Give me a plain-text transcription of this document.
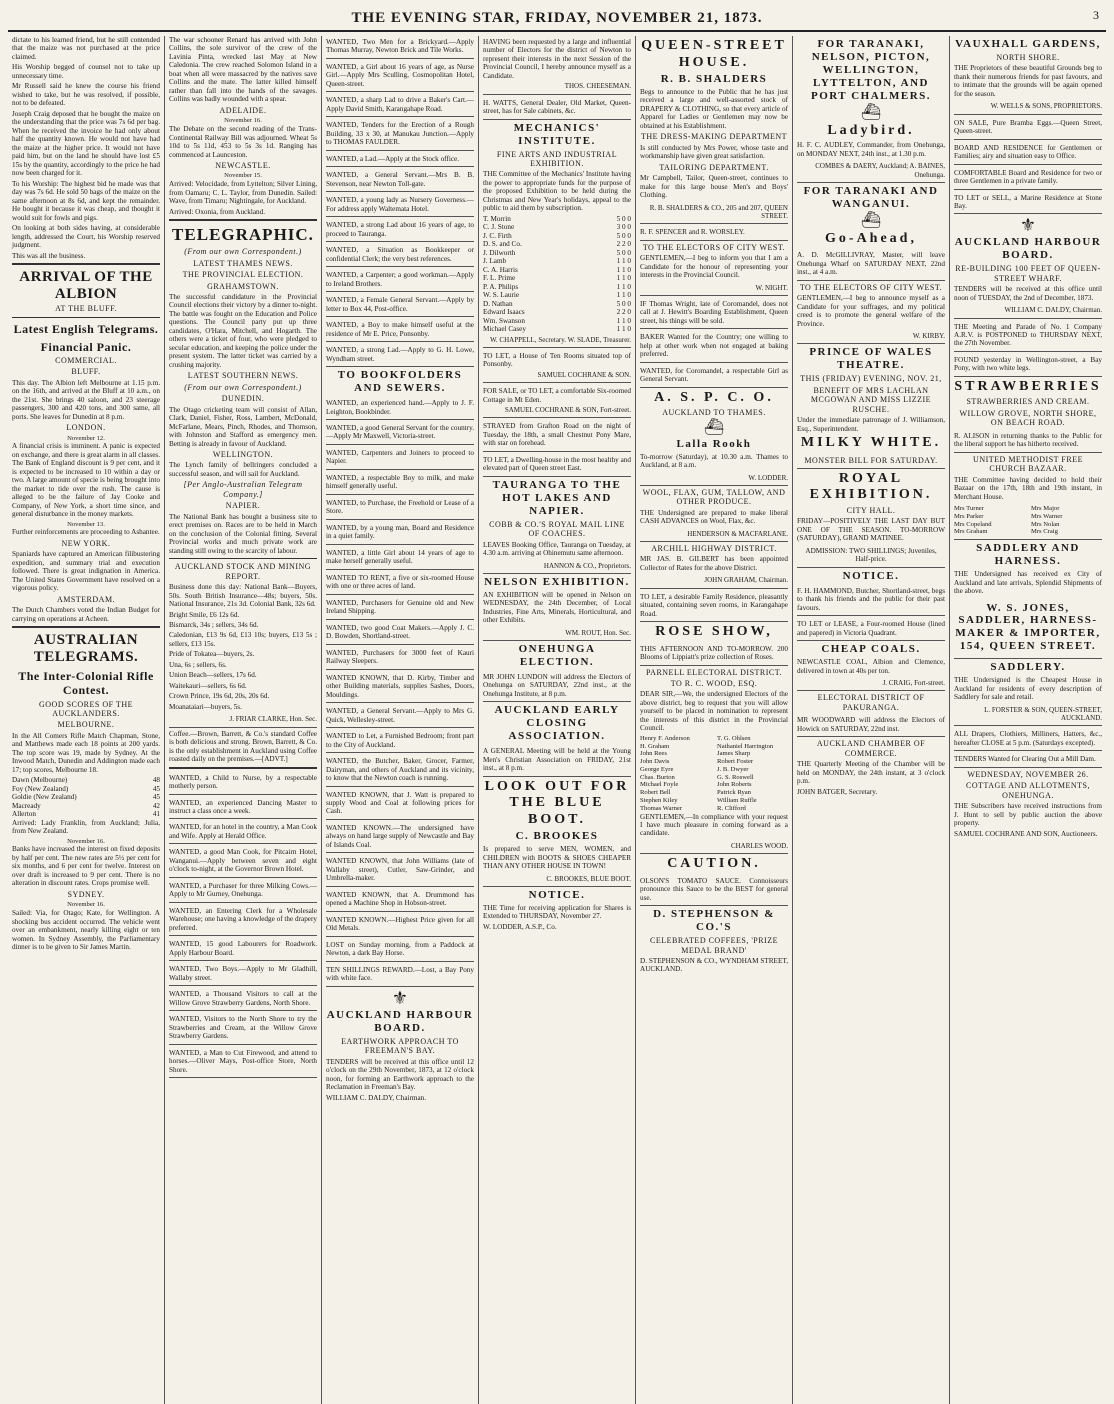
THE EVENING STAR, FRIDAY, NOVEMBER 21, 1873.	3

dictate to his learned friend, but he still contended that the maize was not purchased at the price claimed.

His Worship begged of counsel not to take up unnecessary time.

Mr Russell said he knew the course his friend wished to take, but he was resolved, if possible, not to be defeated.

Joseph Craig deposed that he bought the maize on the understanding that the price was 7s 6d per bag. When he received the invoice he had only about half the quantity known. He would not have had the maize at the higher price. It would not have paid him, but on the land he should have lost £5 15s by the quantity, accordingly to the price he had now been charged for it.

To his Worship: The highest bid he made was that day was 7s 6d. He sold 50 bags of the maize on the same afternoon at 8s 6d, and kept the remainder. He bought it because it was cheap, and thought it would suit for fowls and pigs.

On looking at both sides having, at considerable length, addressed the Court, his Worship reserved judgment.

This was all the business.

ARRIVAL OF THE ALBION
AT THE BLUFF.
Latest English Telegrams.
Financial Panic.
COMMERCIAL.
BLUFF.

This day. The Albion left Melbourne at 1.15 p.m. on the 16th, and arrived at the Bluff at 10 a.m., on the 21st. She brings 40 saloon, and 23 steerage passengers, 300 and 420 tons, and 300 same, all ports. She leaves for Dunedin at 8 p.m.

LONDON.
November 12.

A financial crisis is imminent. A panic is expected on exchange, and there is great alarm in all classes. The Bank of England discount is 9 per cent, and it is expected to be increased to 10 within a day or two. A large amount of specie is being brought into the market to tide over the rush. The cause is alleged to be the failure of Jay Cooke and Company, of New York, a short time since, and general disturbance in the money markets.

November 13.

Further reinforcements are proceeding to Ashantee.

NEW YORK.

Spaniards have captured an American filibustering expedition, and summary trial and execution followed. There is great indignation in America. The United States Government have resolved on a vigorous policy.

AMSTERDAM.

The Dutch Chambers voted the Indian Budget for carrying on operations at Acheen.

AUSTRALIAN TELEGRAMS.
The Inter-Colonial Rifle Contest.
GOOD SCORES OF THE AUCKLANDERS.
MELBOURNE.

In the All Comers Rifle Match Chapman, Stone, and Matthews made each 18 points at 200 yards. The top score was 19, made by Sydney. At the Inwood Match, Dunedin and Addington made each 17; top scores, Melbourne 18.

Dawn (Melbourne)	48
Foy (New Zealand)	45
Goldie (New Zealand)	45
Macready	42
Allerton	41

Arrived: Lady Franklin, from Auckland; Julia, from New Zealand.

November 16.

Banks have increased the interest on fixed deposits by half per cent. The new rates are 5½ per cent for six months, and 6 per cent for twelve. Interest on over draft is increased to 9 per cent. There is no alteration in discount rates. Crops promise well.

SYDNEY.
November 16.

Sailed: Via, for Otago; Kate, for Wellington. A shocking bus accident occurred. The vehicle went over an embankment, nearly killing eight or ten women. In Sydney Assembly, the Parliamentary dinner is to be given to Sir James Martin.

The war schooner Renard has arrived with John Collins, the sole survivor of the crew of the Lavinia Pinta, wrecked last May at New Caledonia. The crew reached Solomon Island in a boat when all were massacred by the natives save Collins and the mate. The latter killed himself rather than fall into the hands of the savages. Collins was badly wounded with a spear.

ADELAIDE.
November 16.

The Debate on the second reading of the Trans-Continental Railway Bill was adjourned. Wheat 5s 10d to 5s 11d, 453 to 5s 3s 1d. Ranging has commenced at Launceston.

NEWCASTLE.
November 15.

Arrived: Velocidade, from Lyttelton; Silver Lining, from Oamaru; C. L. Taylor, from Dunedin. Sailed: Wave, from Timaru; Nightingale, for Auckland.

Arrived: Oxonia, from Auckland.

TELEGRAPHIC.
(From our own Correspondent.)
LATEST THAMES NEWS.
THE PROVINCIAL ELECTION.
GRAHAMSTOWN.

The successful candidature in the Provincial Council elections their victory by a dinner to-night. The battle was fought on the Education and Police questions. The Council party put up three candidates, O'Hara, Mitchell, and Hogarth. The others were a ticket of four, who were pledged to secular education, and keeping the police under the present system. The latter ticket was carried by a crushing majority.

LATEST SOUTHERN NEWS.
(From our own Correspondent.)
DUNEDIN.

The Otago cricketing team will consist of Allan, Clark, Daniel, Fisher, Ross, Lambert, McDonald, McFarlane, Mears, Pinch, Rhodes, and Thomson, with Johnston and Stafford as emergency men. Betting is already in favour of Auckland.

WELLINGTON.

The Lynch family of bellringers concluded a successful season, and will sail for Auckland.

[Per Anglo-Australian Telegram Company.]
NAPIER.

The National Bank has bought a business site to erect premises on. Races are to be held in March on the conclusion of the Colonial fitting. Several Provincial works and much private work are standing still owing to the scarcity of labour.

AUCKLAND STOCK AND MINING REPORT.

Business done this day: National Bank—Buyers, 50s. South British Insurance—48s; buyers, 50s. National Insurance, 21s 3d. Colonial Bank, 32s 6d.

Bright Smile, £6 12s 6d.

Bismarck, 34s ; sellers, 34s 6d.

Caledonian, £13 9s 6d, £13 10s; buyers, £13 5s ; sellers, £13 15s.

Pride of Tokatea—buyers, 2s.

Una, 6s ; sellers, 6s.

Union Beach—sellers, 17s 6d.

Waitekauri—sellers, 6s 6d.

Crown Prince, 19s 6d, 20s, 20s 6d.

Moanataiari—buyers, 5s.

J. FRIAR CLARKE, Hon. Sec.

Coffee.—Brown, Barrett, & Co.'s standard Coffee is both delicious and strong. Brown, Barrett, & Co. is the only establishment in Auckland using Coffee roasted daily on the premises.—[ADVT.]

WANTED, a Child to Nurse, by a respectable motherly person.
WANTED, an experienced Dancing Master to instruct a class once a week.
WANTED, for an hotel in the country, a Man Cook and Wife. Apply at Herald Office.
WANTED, a good Man Cook, for Pitcairn Hotel, Wanganui.—Apply between seven and eight o'clock to-night, at the Governor Brown Hotel.
WANTED, a Purchaser for three Milking Cows.—Apply to Mr Gurney, Onehunga.
WANTED, an Entering Clerk for a Wholesale Warehouse; one having a knowledge of the drapery preferred.
WANTED, 15 good Labourers for Roadwork. Apply Harbour Board.
WANTED, Two Boys.—Apply to Mr Gladhill, Wallaby street.
WANTED, a Thousand Visitors to call at the Willow Grove Strawberry Gardens, North Shore.
WANTED, Visitors to the North Shore to try the Strawberries and Cream, at the Willow Grove Strawberry Gardens.
WANTED, a Man to Cut Firewood, and attend to horses.—Oliver Mays, Post-office Store, North Shore.
WANTED, Two Men for a Brickyard.—Apply Thomas Murray, Newton Brick and Tile Works.
WANTED, a Girl about 16 years of age, as Nurse Girl.—Apply Mrs Sculling, Cosmopolitan Hotel, Queen-street.
WANTED, a sharp Lad to drive a Baker's Cart.—Apply David Smith, Karangahape Road.
WANTED, Tenders for the Erection of a Rough Building, 33 x 30, at Manukau Junction.—Apply to THOMAS FAULDER.
WANTED, a Lad.—Apply at the Stock office.
WANTED, a General Servant.—Mrs B. B. Stevenson, near Newton Toll-gate.
WANTED, a young lady as Nursery Governess.—For address apply Waltemata Hotel.
WANTED, a strong Lad about 16 years of age, to proceed to Tauranga.
WANTED, a Situation as Bookkeeper or confidential Clerk; the very best references.
WANTED, a Carpenter; a good workman.—Apply to Ireland Brothers.
WANTED, a Female General Servant.—Apply by letter to Box 44, Post-office.
WANTED, a Boy to make himself useful at the residence of Mr E. Price, Ponsonby.
WANTED, a strong Lad.—Apply to G. H. Lowe, Wyndham street.
TO BOOKFOLDERS AND SEWERS.
WANTED, an experienced hand.—Apply to J. F. Leighton, Bookbinder.
WANTED, a good General Servant for the country.—Apply Mr Maxwell, Victoria-street.
WANTED, Carpenters and Joiners to proceed to Napier.
WANTED, a respectable Boy to milk, and make himself generally useful.
WANTED, to Purchase, the Freehold or Lease of a Store.
WANTED, by a young man, Board and Residence in a quiet family.
WANTED, a little Girl about 14 years of age to make herself generally useful.
WANTED TO RENT, a five or six-roomed House with one or three acres of land.
WANTED, Purchasers for Genuine old and New Ireland Shipping.
WANTED, two good Coat Makers.—Apply J. C. D. Bowden, Shortland-street.
WANTED, Purchasers for 3000 feet of Kauri Railway Sleepers.
WANTED KNOWN, that D. Kirby, Timber and other Building materials, supplies Sashes, Doors, Mouldings.
WANTED, a General Servant.—Apply to Mrs G. Quick, Wellesley-street.
WANTED to Let, a Furnished Bedroom; front part to the City of Auckland.
WANTED, the Butcher, Baker, Grocer, Farmer, Dairyman, and others of Auckland and its vicinity, to know that the Newton coach is running.
WANTED KNOWN, that J. Watt is prepared to supply Wood and Coal at following prices for Cash.
WANTED KNOWN.—The undersigned have always on hand large supply of Newcastle and Bay of Islands Coal.
WANTED KNOWN, that John Williams (late of Wallaby street), Cutler, Saw-Grinder, and Umbrella-maker.
WANTED KNOWN, that A. Drummond has opened a Machine Shop in Hobson-street.
WANTED KNOWN.—Highest Price given for all Old Metals.
LOST on Sunday morning, from a Paddock at Newton, a dark Bay Horse.
TEN SHILLINGS REWARD.—Lost, a Bay Pony with white face.
⚜
AUCKLAND HARBOUR BOARD.
EARTHWORK APPROACH TO FREEMAN'S BAY.

TENDERS will be received at this office until 12 o'clock on the 29th November, 1873, at 12 o'clock noon, for forming an Earthwork approach to the Reclamation in Freeman's Bay.

WILLIAM C. DALDY, Chairman.

HAVING been requested by a large and influential number of Electors for the district of Newton to represent their interests in the next Session of the Provincial Council, I hereby announce myself as a Candidate.

THOS. CHEESEMAN.
H. WATTS, General Dealer, Old Market, Queen-street, has for Sale cabinets, &c.
MECHANICS' INSTITUTE.
FINE ARTS AND INDUSTRIAL EXHIBITION.

THE Committee of the Mechanics' Institute having the power to appropriate funds for the purpose of the proposed Exhibition to be held during the Christmas and New Year's holidays, appeal to the public to aid them by subscription.

T. Morrin	5 0 0
C. J. Stone	3 0 0
J. C. Firth	5 0 0
D. S. and Co.	2 2 0
J. Dilworth	5 0 0
J. Lamb	1 1 0
C. A. Harris	1 1 0
F. L. Prime	1 1 0
P. A. Philips	1 1 0
W. S. Laurie	1 1 0
D. Nathan	5 0 0
Edward Isaacs	2 2 0
Wm. Swanson	1 1 0
Michael Casey	1 1 0
W. CHAPPELL, Secretary. W. SLADE, Treasurer.

TO LET, a House of Ten Rooms situated top of Ponsonby.

SAMUEL COCHRANE & SON.

FOR SALE, or TO LET, a comfortable Six-roomed Cottage in Mt Eden.

SAMUEL COCHRANE & SON, Fort-street.
STRAYED from Grafton Road on the night of Tuesday, the 18th, a small Chestnut Pony Mare, with star on forehead.
TO LET, a Dwelling-house in the most healthy and elevated part of Queen street East.
TAURANGA TO THE HOT LAKES AND NAPIER.
COBB & CO.'S ROYAL MAIL LINE OF COACHES.

LEAVES Booking Office, Tauranga on Tuesday, at 4.30 a.m. arriving at Ohinemutu same afternoon.

HANNON & CO., Proprietors.
NELSON EXHIBITION.

AN EXHIBITION will be opened in Nelson on WEDNESDAY, the 24th December, of Local Industries, Fine Arts, Minerals, Horticultural, and other Exhibits.

WM. ROUT, Hon. Sec.
ONEHUNGA ELECTION.

MR JOHN LUNDON will address the Electors of Onehunga on SATURDAY, 22nd inst., at the Onehunga Institute, at 8 p.m.

AUCKLAND EARLY CLOSING ASSOCIATION.

A GENERAL Meeting will be held at the Young Men's Christian Association on FRIDAY, 21st inst., at 8 p.m.

LOOK OUT FOR THE BLUE BOOT.
C. BROOKES

Is prepared to serve MEN, WOMEN, and CHILDREN with BOOTS & SHOES CHEAPER THAN ANY OTHER HOUSE IN TOWN!

C. BROOKES, BLUE BOOT.
NOTICE.

THE Time for receiving application for Shares is Extended to THURSDAY, November 27.

W. LODDER, A.S.P., Co.
QUEEN-STREET HOUSE.
R. B. SHALDERS

Begs to announce to the Public that he has just received a large and well-assorted stock of DRAPERY & CLOTHING, so that every article of Apparel for Ladies or Gentlemen may now be obtained at his Establishment.

THE DRESS-MAKING DEPARTMENT

Is still conducted by Mrs Power, whose taste and workmanship have given great satisfaction.

TAILORING DEPARTMENT.

Mr Campbell, Tailor, Queen-street, continues to make for this large house Men's and Boys' Clothing.

R. B. SHALDERS & CO., 205 and 207, QUEEN STREET.
R. F. SPENCER and R. WORSLEY.
TO THE ELECTORS OF CITY WEST.

GENTLEMEN,—I beg to inform you that I am a Candidate for the honour of representing your interests in the Provincial Council.

W. NIGHT.
IF Thomas Wright, late of Coromandel, does not call at J. Hewitt's Boarding Establishment, Queen street, his things will be sold.
BAKER Wanted for the Country; one willing to help at other work when not engaged at baking preferred.
WANTED, for Coromandel, a respectable Girl as General Servant.
A. S. P. C. O.
AUCKLAND TO THAMES.
⛴
Lalla Rookh

To-morrow (Saturday), at 10.30 a.m. Thames to Auckland, at 8 a.m.

W. LODDER.
WOOL, FLAX, GUM, TALLOW, AND OTHER PRODUCE.

THE Undersigned are prepared to make liberal CASH ADVANCES on Wool, Flax, &c.

HENDERSON & MACFARLANE.
ARCHILL HIGHWAY DISTRICT.

MR JAS. B. GILBERT has been appointed Collector of Rates for the above District.

JOHN GRAHAM, Chairman.
TO LET, a desirable Family Residence, pleasantly situated, containing seven rooms, in Karangahape Road.
ROSE SHOW,

THIS AFTERNOON AND TO-MORROW. 200 Blooms of Lippiatt's prize collection of Roses.

PARNELL ELECTORAL DISTRICT.
TO R. C. WOOD, ESQ.

DEAR SIR,—We, the undersigned Electors of the above district, beg to request that you will allow yourself to be placed in nomination to represent the interests of this district in the Provincial Council.

Henry F. Anderson
H. Graham
John Rees
John Davis
George Eyre
Chas. Burton
Michael Foyle
Robert Bell
Stephen Kiley
Thomas Warner
T. G. Ohlsen
Nathaniel Harrington
James Sharp
Robert Foster
J. B. Dwyer
G. S. Roswell
John Roberts
Patrick Ryan
William Ruffle
R. Clifford

GENTLEMEN,—In compliance with your request I have much pleasure in coming forward as a candidate.

CHARLES WOOD.
CAUTION.

OLSON'S TOMATO SAUCE. Connoisseurs pronounce this Sauce to be the BEST for general use.

D. STEPHENSON & CO.'S
CELEBRATED COFFEES, 'PRIZE MEDAL BRAND'
D. STEPHENSON & CO., WYNDHAM STREET, AUCKLAND.
FOR TARANAKI, NELSON, PICTON, WELLINGTON, LYTTELTON, AND PORT CHALMERS.
⛴
Ladybird.

H. F. C. AUDLEY, Commander, from Onehunga, on MONDAY NEXT, 24th inst., at 1.30 p.m.

COMBES & DAERY, Auckland; A. BAINES, Onehunga.
FOR TARANAKI AND WANGANUI.
⛴
Go-Ahead,

A. D. McGILLIVRAY, Master, will leave Onehunga Wharf on SATURDAY NEXT, 22nd inst., at 4 a.m.

TO THE ELECTORS OF CITY WEST.

GENTLEMEN,—I beg to announce myself as a Candidate for your suffrages, and my political creed is to promote the general welfare of the Province.

W. KIRBY.
PRINCE OF WALES THEATRE.
THIS (FRIDAY) EVENING, NOV. 21,
BENEFIT OF MRS LACHLAN MCGOWAN AND MISS LIZZIE RUSCHE.

Under the immediate patronage of J. Williamson, Esq., Superintendent.

MILKY WHITE.
MONSTER BILL FOR SATURDAY.
ROYAL EXHIBITION.
CITY HALL.

FRIDAY—POSITIVELY THE LAST DAY BUT ONE OF THE SEASON. TO-MORROW (SATURDAY), GRAND MATINEE.

ADMISSION: TWO SHILLINGS; Juveniles, Half-price.

NOTICE.

F. H. HAMMOND, Butcher, Shortland-street, begs to thank his friends and the public for their past favours.

TO LET or LEASE, a Four-roomed House (lined and papered) in Victoria Quadrant.
CHEAP COALS.

NEWCASTLE COAL, Albion and Clemence, delivered in town at 40s per ton.

J. CRAIG, Fort-street.
ELECTORAL DISTRICT OF PAKURANGA.

MR WOODWARD will address the Electors of Howick on SATURDAY, 22nd inst.

AUCKLAND CHAMBER OF COMMERCE.

THE Quarterly Meeting of the Chamber will be held on MONDAY, the 24th instant, at 3 o'clock p.m.

JOHN BATGER, Secretary.
VAUXHALL GARDENS,
NORTH SHORE.

THE Proprietors of these beautiful Grounds beg to thank their numerous friends for past favours, and to intimate that the grounds will be again opened for the season.

W. WELLS & SONS, PROPRIETORS.
ON SALE, Pure Bramba Eggs.—Queen Street, Queen-street.
BOARD AND RESIDENCE for Gentlemen or Families; airy and situation easy to Office.
COMFORTABLE Board and Residence for two or three Gentlemen in a private family.
TO LET or SELL, a Marine Residence at Stone Bay.
⚜
AUCKLAND HARBOUR BOARD.
RE-BUILDING 100 FEET OF QUEEN-STREET WHARF.

TENDERS will be received at this office until noon of TUESDAY, the 2nd of December, 1873.

WILLIAM C. DALDY, Chairman.
THE Meeting and Parade of No. 1 Company A.R.V. is POSTPONED to THURSDAY NEXT, the 27th November.
FOUND yesterday in Wellington-street, a Bay Pony, with two white legs.
STRAWBERRIES
STRAWBERRIES AND CREAM.
WILLOW GROVE, NORTH SHORE, ON BEACH ROAD.

R. ALISON in returning thanks to the Public for the liberal support he has hitherto received.

UNITED METHODIST FREE CHURCH BAZAAR.

THE Committee having decided to hold their Bazaar on the 17th, 18th and 19th instant, in Merchant House.

Mrs Turner
Mrs Parker
Mrs Copeland
Mrs Graham
Mrs Major
Mrs Warner
Mrs Nolan
Mrs Craig
SADDLERY AND HARNESS.

THE Undersigned has received ex City of Auckland and late arrivals, Splendid Shipments of the above.

W. S. JONES, SADDLER, HARNESS-MAKER & IMPORTER, 154, QUEEN STREET.
SADDLERY.

THE Undersigned is the Cheapest House in Auckland for residents of every description of Saddlery for sale and retail.

L. FORSTER & SON, QUEEN-STREET, AUCKLAND.
ALL Drapers, Clothiers, Milliners, Hatters, &c., hereafter CLOSE at 5 p.m. (Saturdays excepted).
TENDERS Wanted for Clearing Out a Mill Dam.
WEDNESDAY, NOVEMBER 26.
COTTAGE AND ALLOTMENTS, ONEHUNGA.

THE Subscribers have received instructions from J. Hunt to sell by public auction the above property.

SAMUEL COCHRANE AND SON, Auctioneers.
